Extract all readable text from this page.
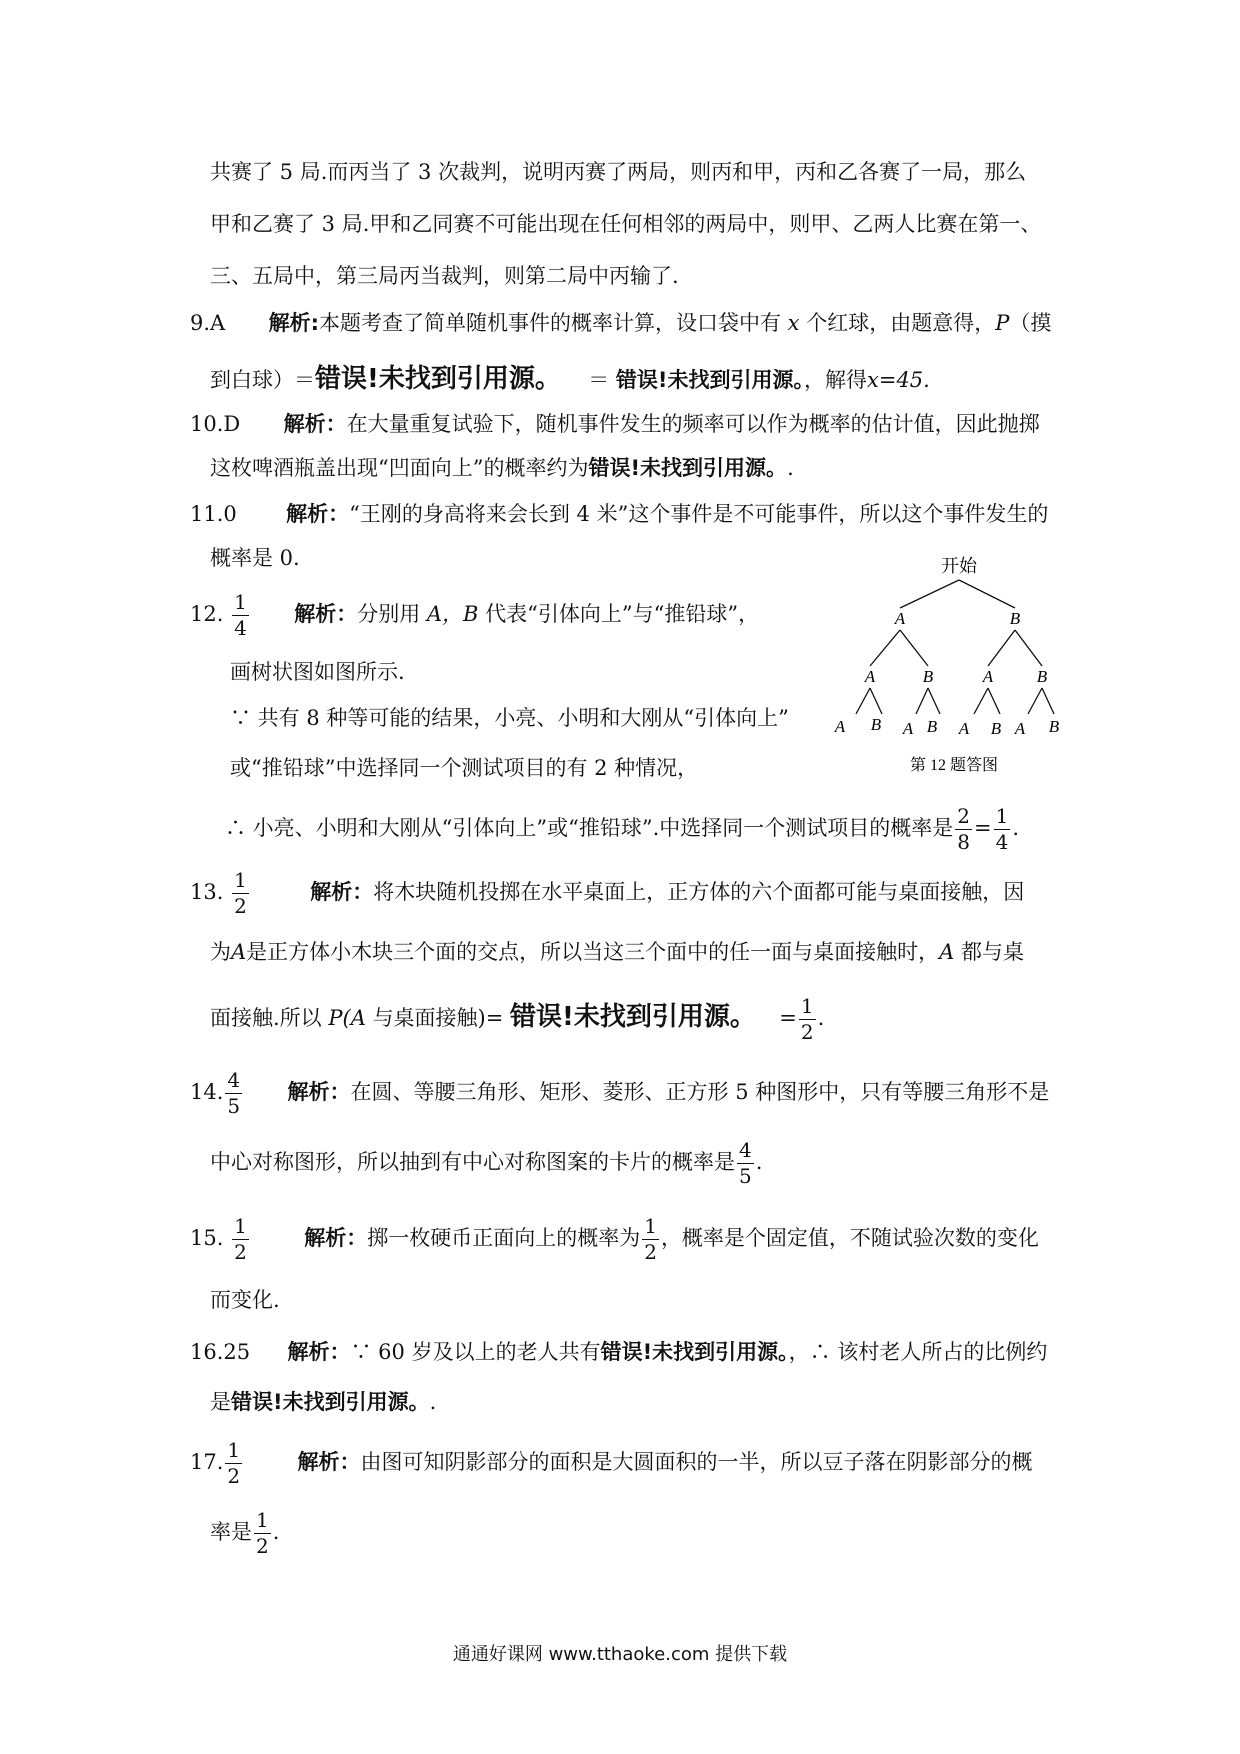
共赛了 5 局.而丙当了 3 次裁判，说明丙赛了两局，则丙和甲，丙和乙各赛了一局，那么
甲和乙赛了 3 局.甲和乙同赛不可能出现在任何相邻的两局中，则甲、乙两人比赛在第一、
三、五局中，第三局丙当裁判，则第二局中丙输了.
9.A 解析:本题考查了简单随机事件的概率计算，设口袋中有 x 个红球，由题意得，P（摸
到白球）＝错误!未找到引用源。 ＝ 错误!未找到引用源。，解得x=45.
10.D 解析：在大量重复试验下，随机事件发生的频率可以作为概率的估计值，因此抛掷
这枚啤酒瓶盖出现“凹面向上”的概率约为错误!未找到引用源。.
11.0 解析：“王刚的身高将来会长到 4 米”这个事件是不可能事件，所以这个事件发生的
概率是 0.
12. $\frac{1}{4}$ 解析：分别用 A，B 代表“引体向上”与“推铅球”，
画树状图如图所示.
∵ 共有 8 种等可能的结果，小亮、小明和大刚从“引体向上”
或“推铅球”中选择同一个测试项目的有 2 种情况，
∴ 小亮、小明和大刚从“引体向上”或“推铅球”.中选择同一个测试项目的概率是 $\frac{2}{8} = \frac{1}{4}$ .
开始
A	B
A	B	A	B
A B A B A B A B
第 12 题答图
13. $\frac{1}{2}$	解析：将木块随机投掷在水平桌面上，正方体的六个面都可能与桌面接触，因
为A是正方体小木块三个面的交点，所以当这三个面中的任一面与桌面接触时，A 都与桌
面接触.所以 P(A 与桌面接触)= 错误!未找到引用源。 = $\frac{1}{2}$ .
14. $\frac{4}{5}$ 解析：在圆、等腰三角形、矩形、菱形、正方形 5 种图形中，只有等腰三角形不是
中心对称图形，所以抽到有中心对称图案的卡片的概率是 $\frac{4}{5}$ .
15. $\frac{1}{2}$	解析：掷一枚硬币正面向上的概率为 $\frac{1}{2}$ ，概率是个固定值，不随试验次数的变化
而变化.
16.25 解析：∵ 60 岁及以上的老人共有错误!未找到引用源。，∴ 该村老人所占的比例约
是错误!未找到引用源。.
17. $\frac{1}{2}$	解析：由图可知阴影部分的面积是大圆面积的一半，所以豆子落在阴影部分的概
率是 $\frac{1}{2}$ .
通通好课网 www.tthaoke.com 提供下载
